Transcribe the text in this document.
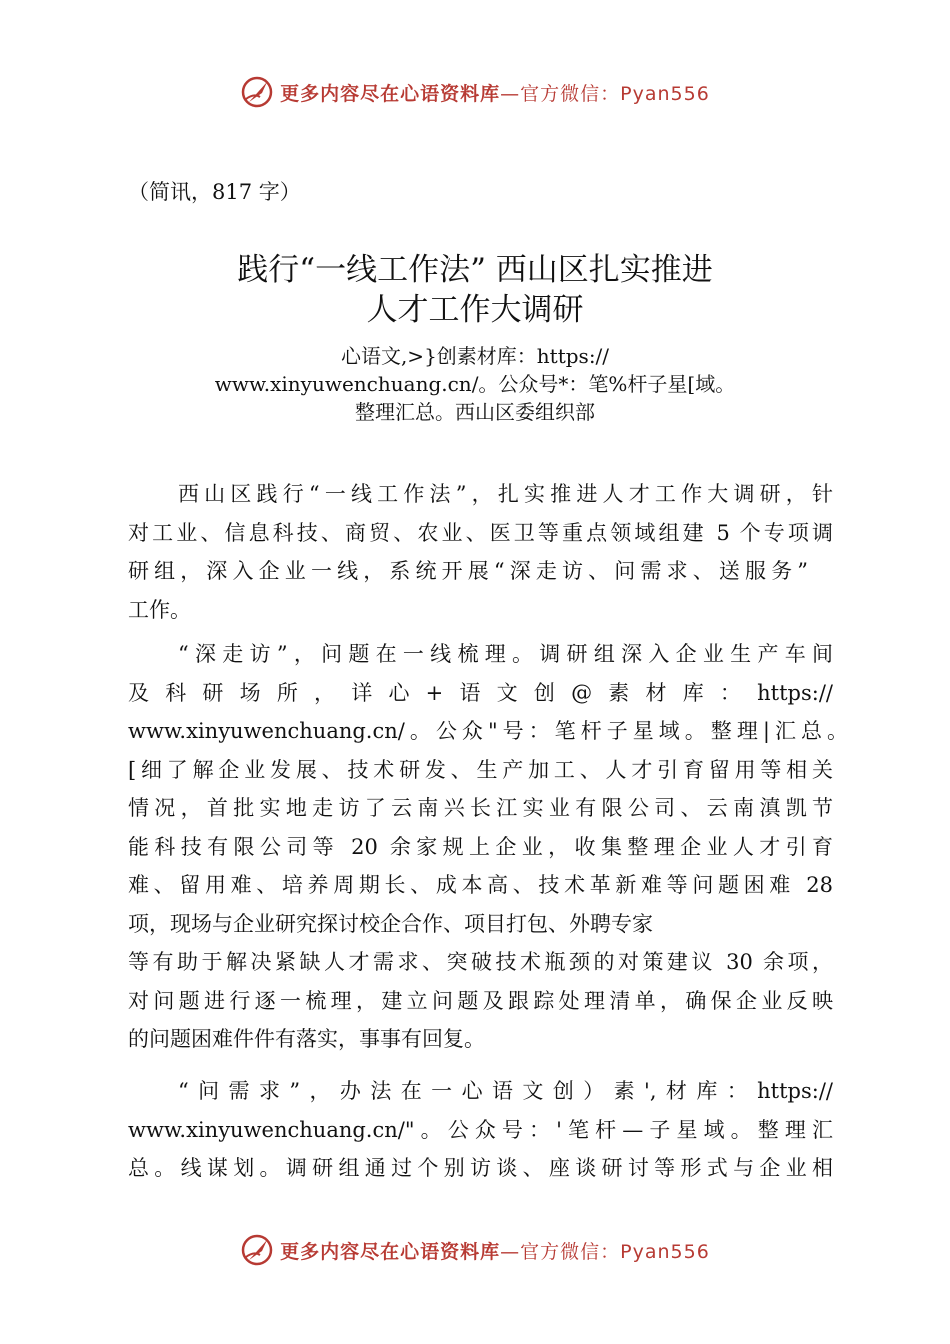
更多内容尽在心语资料库—官方微信：Pyan556
（简讯，817 字）
践行“一线工作法” 西山区扎实推进
人才工作大调研
心语文,>}创素材库：https://
www.xinyuwenchuang.cn/。公众号*：笔%杆子星[域。
整理汇总。西山区委组织部
西山区践行“一线工作法”，扎实推进人才工作大调研，针
对工业、信息科技、商贸、农业、医卫等重点领域组建 5 个专项调
研组，深入企业一线，系统开展“深走访、问需求、送服务”
工作。
“深走访”，问题在一线梳理。调研组深入企业生产车间
及科研场所，详心+语文创@素材库：https://
www.xinyuwenchuang.cn/。公众"号：笔杆子星域。整理|汇总。
[细了解企业发展、技术研发、生产加工、人才引育留用等相关
情况，首批实地走访了云南兴长江实业有限公司、云南滇凯节
能科技有限公司等 20 余家规上企业，收集整理企业人才引育
难、留用难、培养周期长、成本高、技术革新难等问题困难 28
项，现场与企业研究探讨校企合作、项目打包、外聘专家
等有助于解决紧缺人才需求、突破技术瓶颈的对策建议 30 余项，
对问题进行逐一梳理，建立问题及跟踪处理清单，确保企业反映
的问题困难件件有落实，事事有回复。
“问需求”，办法在一心语文创）素',材库：https://
www.xinyuwenchuang.cn/"。公众号：'笔杆—子星域。整理汇
总。线谋划。调研组通过个别访谈、座谈研讨等形式与企业相
更多内容尽在心语资料库—官方微信：Pyan556
